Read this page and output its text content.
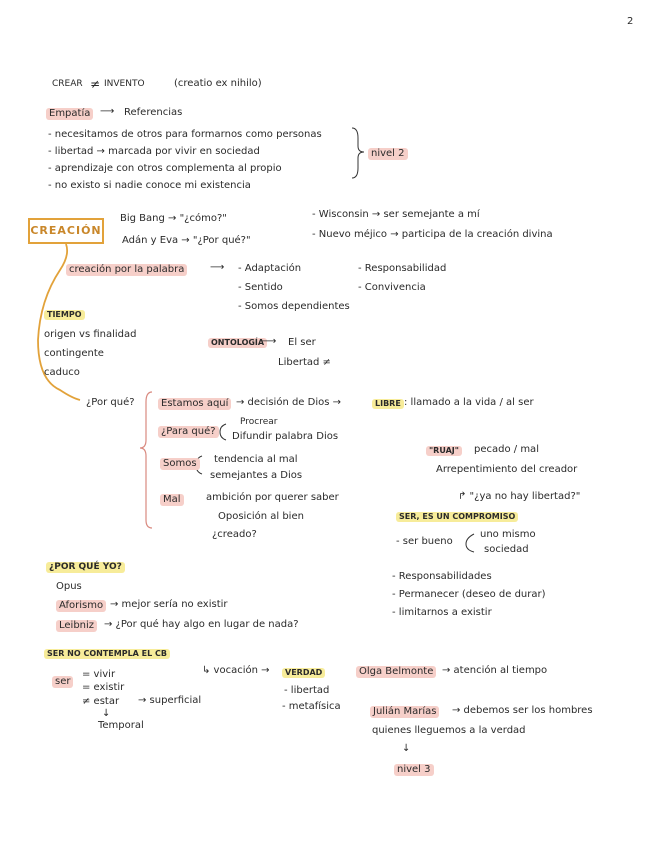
2
CREAR ≠ INVENTO	(creatio ex nihilo)
Empatía ⟶ Referencias
- necesitamos de otros para formarnos como personas
- libertad → marcada por vivir en sociedad
- aprendizaje con otros complementa al propio
- no existo si nadie conoce mi existencia
nivel 2
CREACIÓN
Big Bang → "¿cómo?"
Adán y Eva → "¿Por qué?"
- Wisconsin → ser semejante a mí
- Nuevo méjico → participa de la creación divina
creación por la palabra	⟶ - Adaptación
- Sentido
- Somos dependientes
- Responsabilidad
- Convivencia
TIEMPO
origen vs finalidad
contingente
caduco
ONTOLOGÍA
⟶ El ser
Libertad ≠
¿Por qué?	Estamos aquí → decisión de Dios →	LIBRE : llamado a la vida / al ser
¿Para qué?
Procrear
Difundir palabra Dios
Somos	tendencia al mal
semejantes a Dios
Mal	ambición por querer saber
Oposición al bien
¿creado?
"RUAJ"	pecado / mal
Arrepentimiento del creador
↱ "¿ya no hay libertad?"
SER, ES UN COMPROMISO
- ser bueno
uno mismo
sociedad
¿POR QUÉ YO?
Opus
Aforismo → mejor sería no existir
Leibniz → ¿Por qué hay algo en lugar de nada?
- Responsabilidades
- Permanecer (deseo de durar)
- limitarnos a existir
SER NO CONTEMPLA EL CB
ser
= vivir
= existir
≠ estar → superficial
↓
Temporal
↳ vocación →	VERDAD
- libertad
- metafísica
Olga Belmonte → atención al tiempo
Julián Marías	→ debemos ser los hombres
quienes lleguemos a la verdad
↓
nivel 3
